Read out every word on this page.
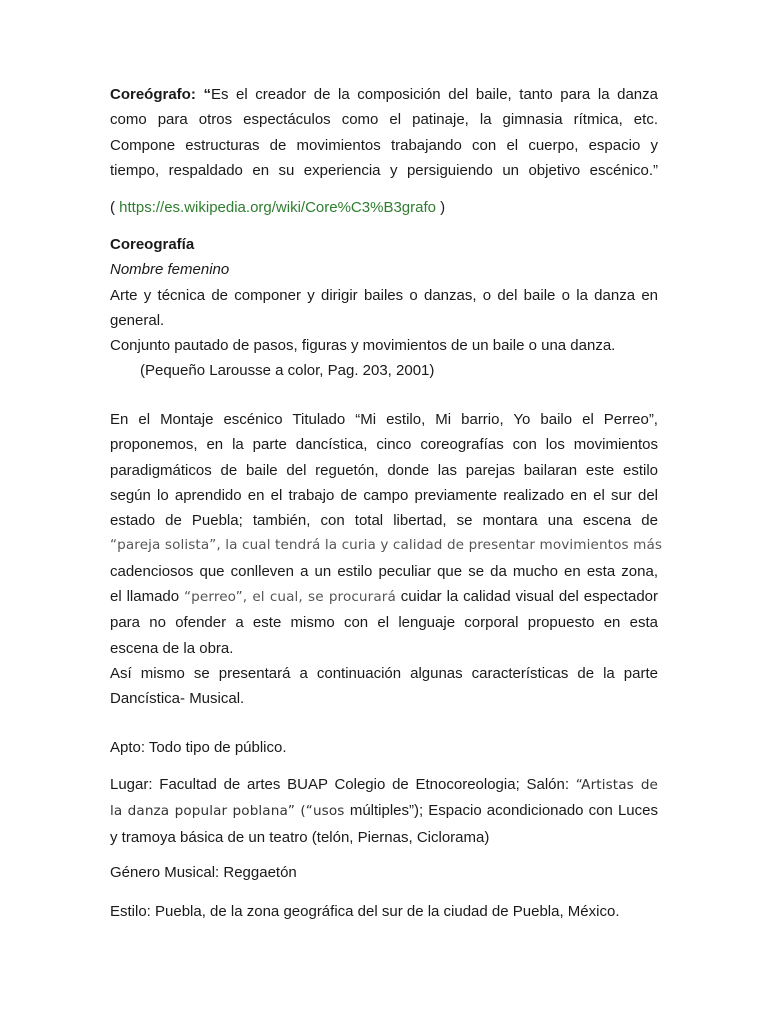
Coreógrafo: “Es el creador de la composición del baile, tanto para la danza
como para otros espectáculos como el patinaje, la gimnasia rítmica, etc.
Compone estructuras de movimientos trabajando con el cuerpo, espacio y
tiempo, respaldado en su experiencia y persiguiendo un objetivo escénico.”
( https://es.wikipedia.org/wiki/Core%C3%B3grafo )
Coreografía
Nombre femenino
Arte y técnica de componer y dirigir bailes o danzas, o del baile o la danza en
general.
Conjunto pautado de pasos, figuras y movimientos de un baile o una danza.
(Pequeño Larousse a color, Pag. 203, 2001)
En el Montaje escénico Titulado “Mi estilo, Mi barrio, Yo bailo el Perreo”,
proponemos, en la parte dancística, cinco coreografías con los movimientos
paradigmáticos de baile del reguetón, donde las parejas bailaran este estilo
según lo aprendido en el trabajo de campo previamente realizado en el sur del
estado de Puebla; también, con total libertad, se montara una escena de
“pareja solista”, la cual tendrá la curia y calidad de presentar movimientos más
cadenciosos que conlleven a un estilo peculiar que se da mucho en esta zona,
el llamado “perreo”, el cual, se procurará cuidar la calidad visual del espectador
para no ofender a este mismo con el lenguaje corporal propuesto en esta
escena de la obra.
Así mismo se presentará a continuación algunas características de la parte
Dancística- Musical.
Apto: Todo tipo de público.
Lugar: Facultad de artes BUAP Colegio de Etnocoreologia; Salón: “Artistas de
la danza popular poblana” (“usos múltiples”); Espacio acondicionado con Luces
y tramoya básica de un teatro (telón, Piernas, Ciclorama)
Género Musical: Reggaetón
Estilo: Puebla, de la zona geográfica del sur de la ciudad de Puebla, México.
